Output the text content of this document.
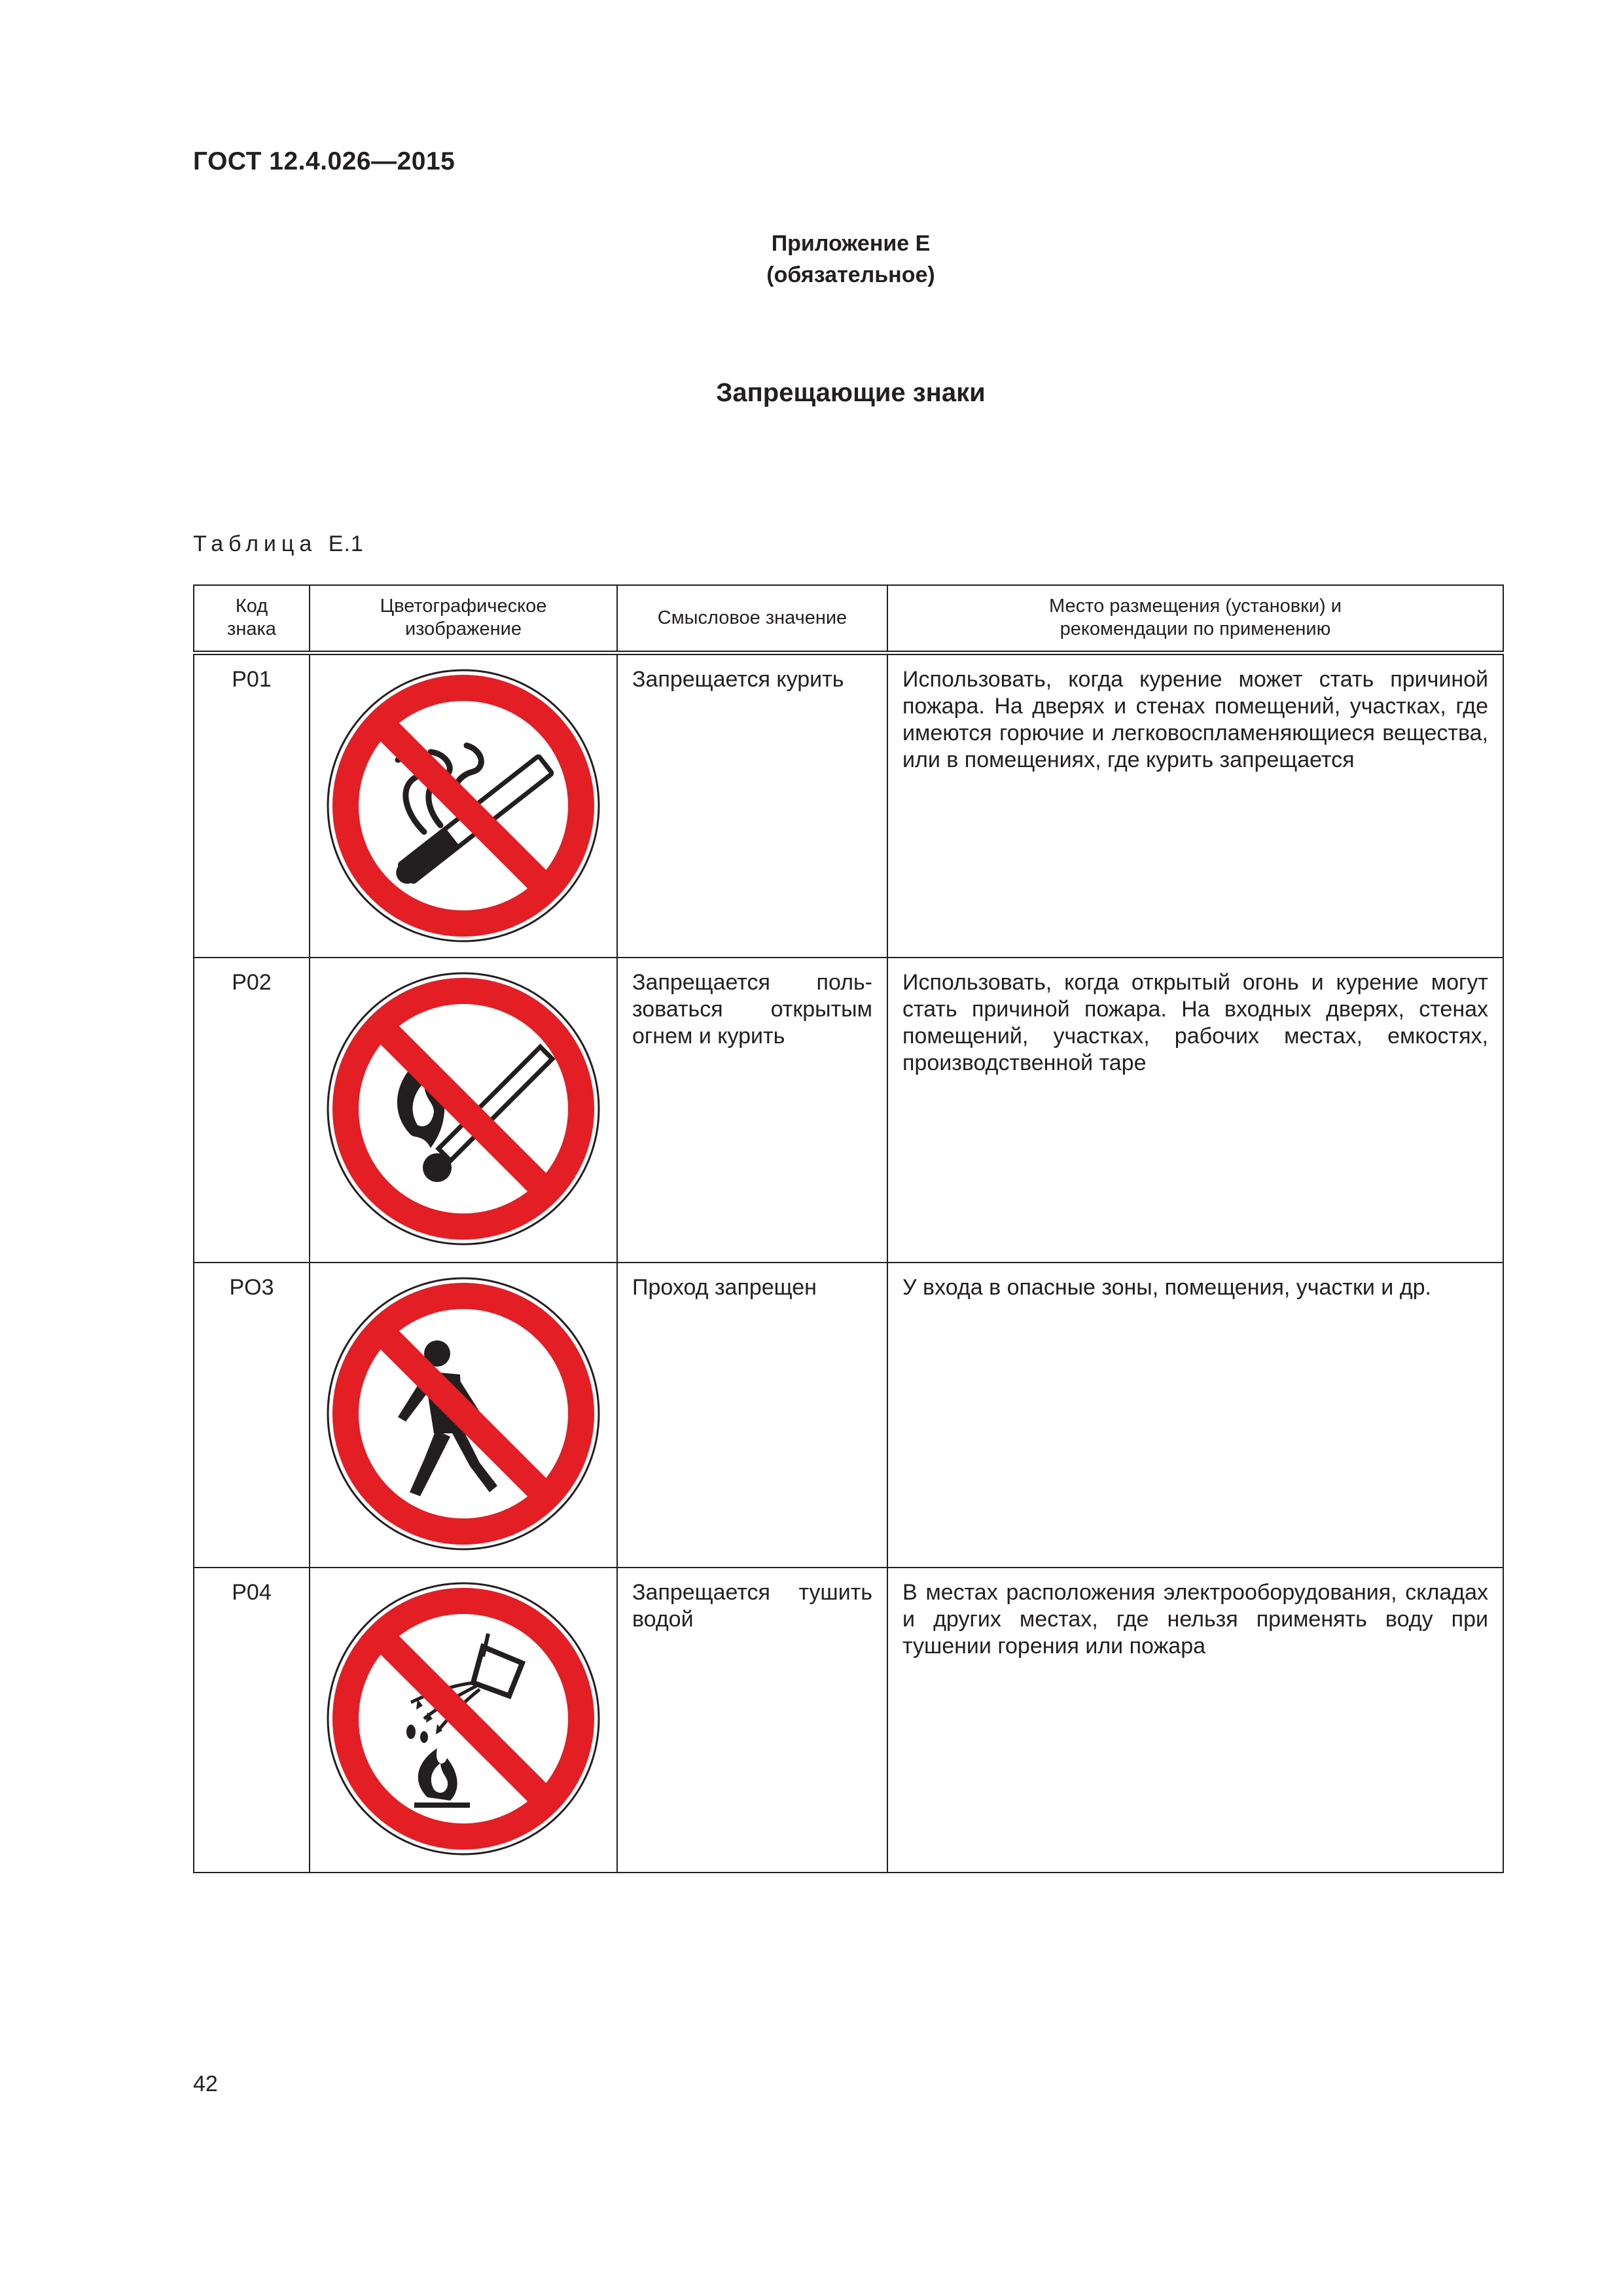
ГОСТ 12.4.026—2015
Приложение Е
(обязательное)
Запрещающие знаки
Таблица Е.1
Код знака	Цветографическое изображение	Смысловое значение	Место размещения (установки) и рекомендации по применению
P01		Запрещается курить	Использовать, когда курение может стать причиной пожара. На дверях и стенах помещений, участках, где имеются горючие и легковоспламеняющиеся вещества, или в помещениях, где курить запрещается
P02		Запрещается пользоваться открытым огнем и курить	Использовать, когда открытый огонь и курение могут стать причиной пожара. На входных дверях, стенах помещений, участках, рабочих местах, емкостях, производственной таре
PO3		Проход запрещен	У входа в опасные зоны, помещения, участки и др.
P04		Запрещается тушить водой	В местах расположения электрооборудования, складах и других местах, где нельзя применять воду при тушении горения или пожара
42
